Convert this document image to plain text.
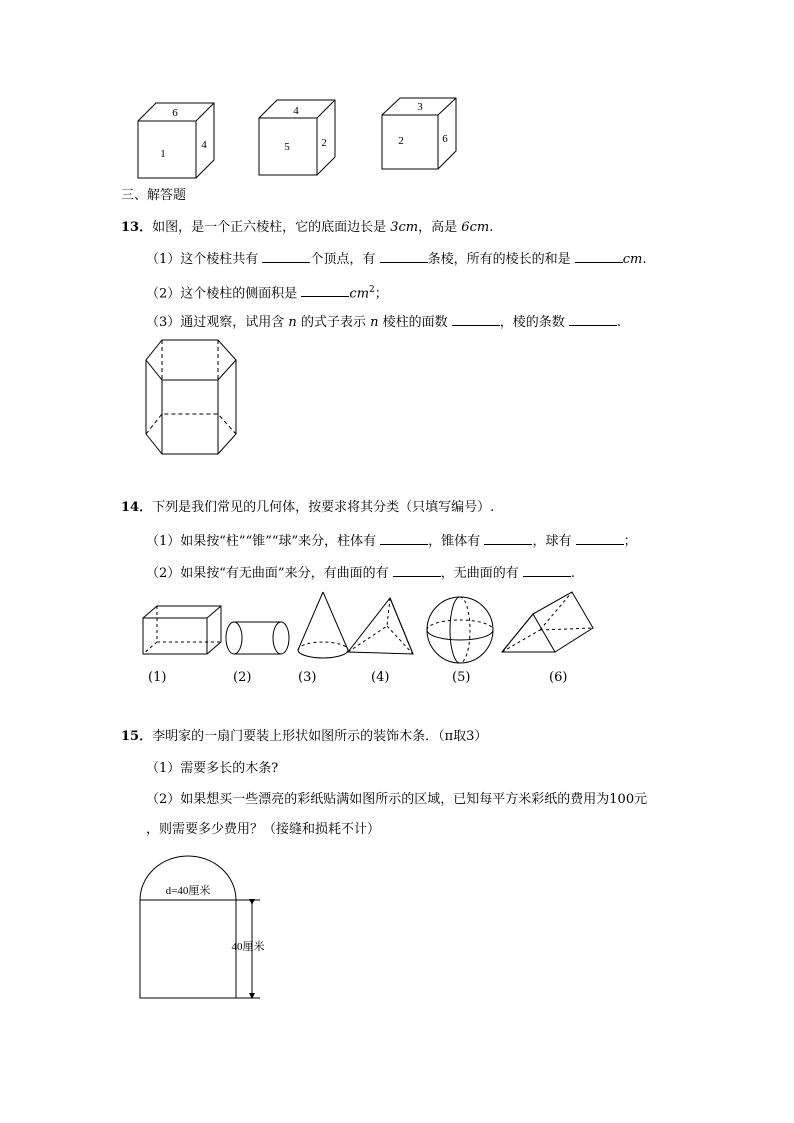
6
1
4
4
5	2
3
2	6
三、解答题
13．如图，是一个正六棱柱，它的底面边长是 3cm，高是 6cm.
（1）这个棱柱共有	个顶点，有	条棱，所有的棱长的和是	cm.
（2）这个棱柱的侧面积是	$cm^2$；
（3）通过观察，试用含 n 的式子表示 n 棱柱的面数	，棱的条数	.
14．下列是我们常见的几何体，按要求将其分类（只填写编号）.
（1）如果按“柱”“锥”“球”来分，柱体有	，锥体有	，球有	；
（2）如果按“有无曲面”来分，有曲面的有	，无曲面的有	.
(1)	(2)	(3)	(4)	(5)	(6)
15．李明家的一扇门要装上形状如图所示的装饰木条．（π取3）
（1）需要多长的木条?
（2）如果想买一些漂亮的彩纸贴满如图所示的区域，已知每平方米彩纸的费用为100元
，则需要多少费用？（接缝和损耗不计）
d=40厘米
40厘米
